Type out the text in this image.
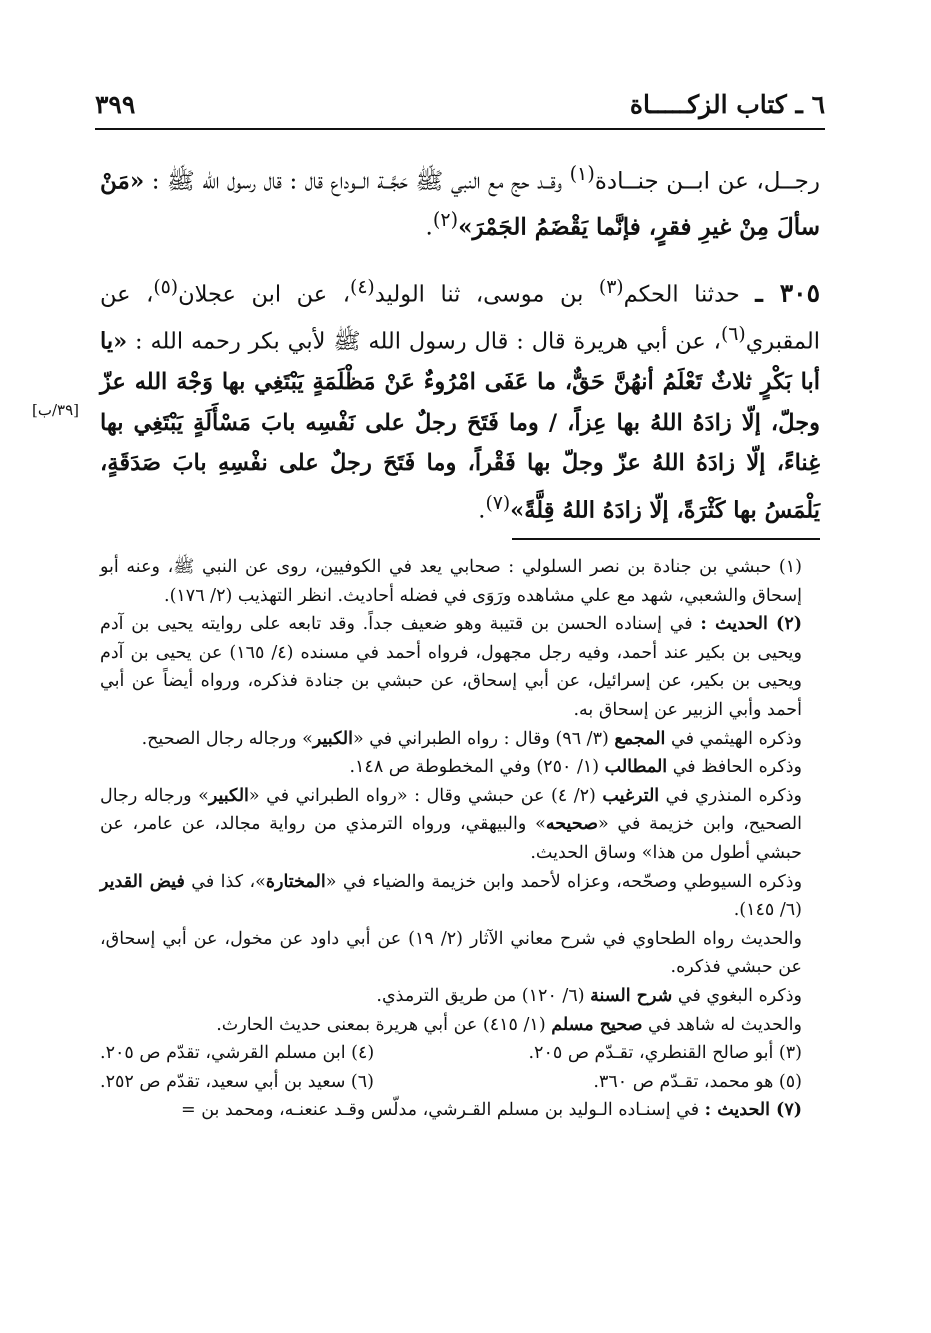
٦ ـ كتاب الزكـــــاة
٣٩٩
رجــل، عن ابــن جنــادة$^{(١)}$ وقــد حج مع النبي ﷺ حَجَّــة الــوداع قال : قال رسول الله ﷺ : «مَنْ سألَ مِنْ غيرِ فقرٍ، فإنَّما يَقْضَمُ الجَمْرَ»$^{(٢)}$.
٣٠٥ ـ حدثنا الحكم$^{(٣)}$ بن موسى، ثنا الوليد$^{(٤)}$، عن ابن عجلان$^{(٥)}$، عن المقبري$^{(٦)}$، عن أبي هريرة قال : قال رسول الله ﷺ لأبي بكر رحمه الله : «يا أبا بَكْرٍ ثلاثٌ تَعْلَمُ أنهُنَّ حَقٌّ، ما عَفَى امْرُوءٌ عَنْ مَظْلَمَةٍ يَبْتَغِي بها وَجْهَ الله عزّ وجلّ، إلّا زادَهُ اللهُ بها عِزاً، / وما فَتَحَ رجلٌ على نَفْسِه بابَ مَسْأَلَةٍ يَبْتَغِي بها غِناءً، إلّا زادَهُ اللهُ عزّ وجلّ بها فَقْراً، وما فَتَحَ رجلٌ على نفْسِهِ بابَ صَدَقَةٍ، يَلْمَسُ بها كَثْرَةً، إلّا زادَهُ اللهُ قِلَّةً»$^{(٧)}$.
[٣٩/ب]

(١) حبشي بن جنادة بن نصر السلولي : صحابي يعد في الكوفيين، روى عن النبي ﷺ، وعنه أبو إسحاق والشعبي، شهد مع علي مشاهده ورَوَى في فضله أحاديث. انظر التهذيب (٢/ ١٧٦).

(٢) الحديث : في إسناده الحسن بن قتيبة وهو ضعيف جداً. وقد تابعه على روايته يحيى بن آدم ويحيى بن بكير عند أحمد، وفيه رجل مجهول، فرواه أحمد في مسنده (٤/ ١٦٥) عن يحيى بن آدم ويحيى بن بكير، عن إسرائيل، عن أبي إسحاق، عن حبشي بن جنادة فذكره، ورواه أيضاً عن أبي أحمد وأبي الزبير عن إسحاق به.

وذكره الهيثمي في المجمع (٣/ ٩٦) وقال : رواه الطبراني في «الكبير» ورجاله رجال الصحيح.

وذكره الحافظ في المطالب (١/ ٢٥٠) وفي المخطوطة ص ١٤٨.

وذكره المنذري في الترغيب (٢/ ٤) عن حبشي وقال : «رواه الطبراني في «الكبير» ورجاله رجال الصحيح، وابن خزيمة في «صحيحه» والبيهقي، ورواه الترمذي من رواية مجالد، عن عامر، عن حبشي أطول من هذا» وساق الحديث.

وذكره السيوطي وصحّحه، وعزاه لأحمد وابن خزيمة والضياء في «المختارة»، كذا في فيض القدير (٦/ ١٤٥).

والحديث رواه الطحاوي في شرح معاني الآثار (٢/ ١٩) عن أبي داود عن مخول، عن أبي إسحاق، عن حبشي فذكره.

وذكره البغوي في شرح السنة (٦/ ١٢٠) من طريق الترمذي.

والحديث له شاهد في صحيح مسلم (١/ ٤١٥) عن أبي هريرة بمعنى حديث الحارث.

(٣) أبو صالح القنطري، تقـدّم ص ٢٠٥.
(٤) ابن مسلم القرشي، تقدّم ص ٢٠٥.
(٥) هو محمد، تقـدّم ص ٣٦٠.
(٦) سعيد بن أبي سعيد، تقدّم ص ٢٥٢.

(٧) الحديث : في إسنـاده الـوليد بن مسلم القـرشي، مدلّس وقـد عنعنـه، ومحمد بن =
